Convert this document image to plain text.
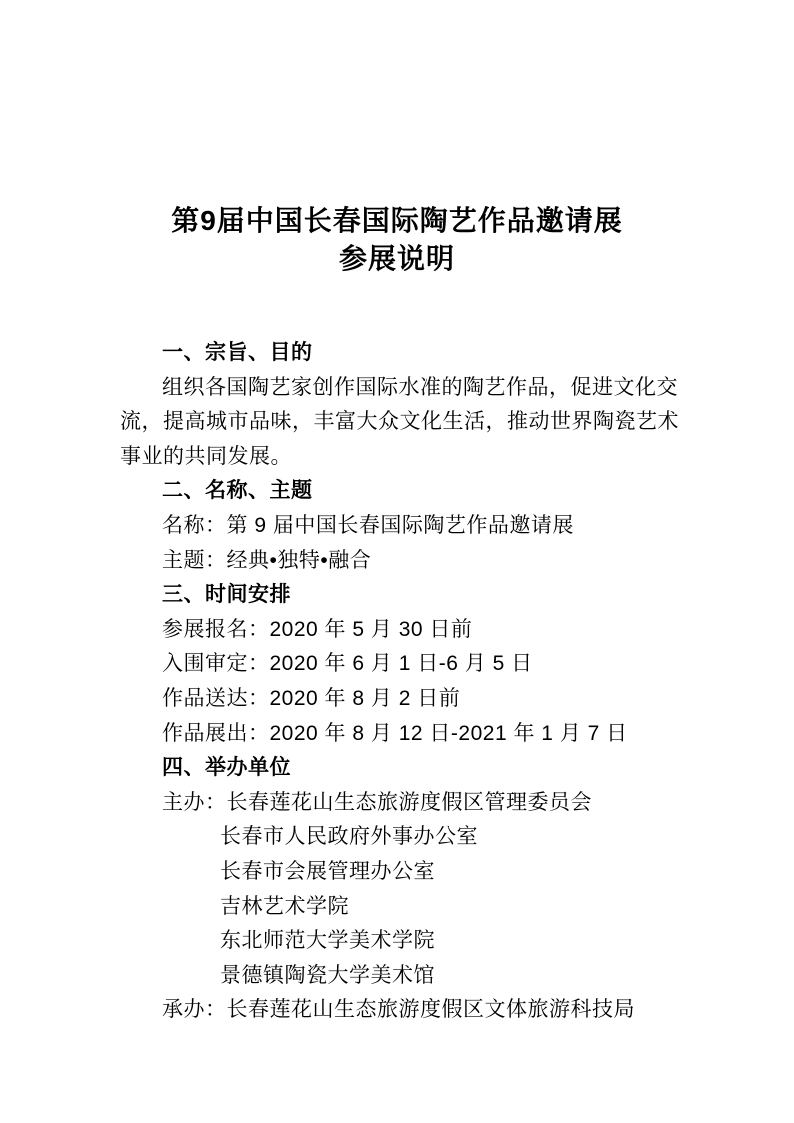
第9届中国长春国际陶艺作品邀请展
参展说明
一、宗旨、目的
组织各国陶艺家创作国际水准的陶艺作品，促进文化交
流，提高城市品味，丰富大众文化生活，推动世界陶瓷艺术
事业的共同发展。
二、名称、主题
名称：第 9 届中国长春国际陶艺作品邀请展
主题：经典•独特•融合
三、时间安排
参展报名：2020 年 5 月 30 日前
入围审定：2020 年 6 月 1 日-6 月 5 日
作品送达：2020 年 8 月 2 日前
作品展出：2020 年 8 月 12 日-2021 年 1 月 7 日
四、举办单位
主办：长春莲花山生态旅游度假区管理委员会
长春市人民政府外事办公室
长春市会展管理办公室
吉林艺术学院
东北师范大学美术学院
景德镇陶瓷大学美术馆
承办：长春莲花山生态旅游度假区文体旅游科技局
